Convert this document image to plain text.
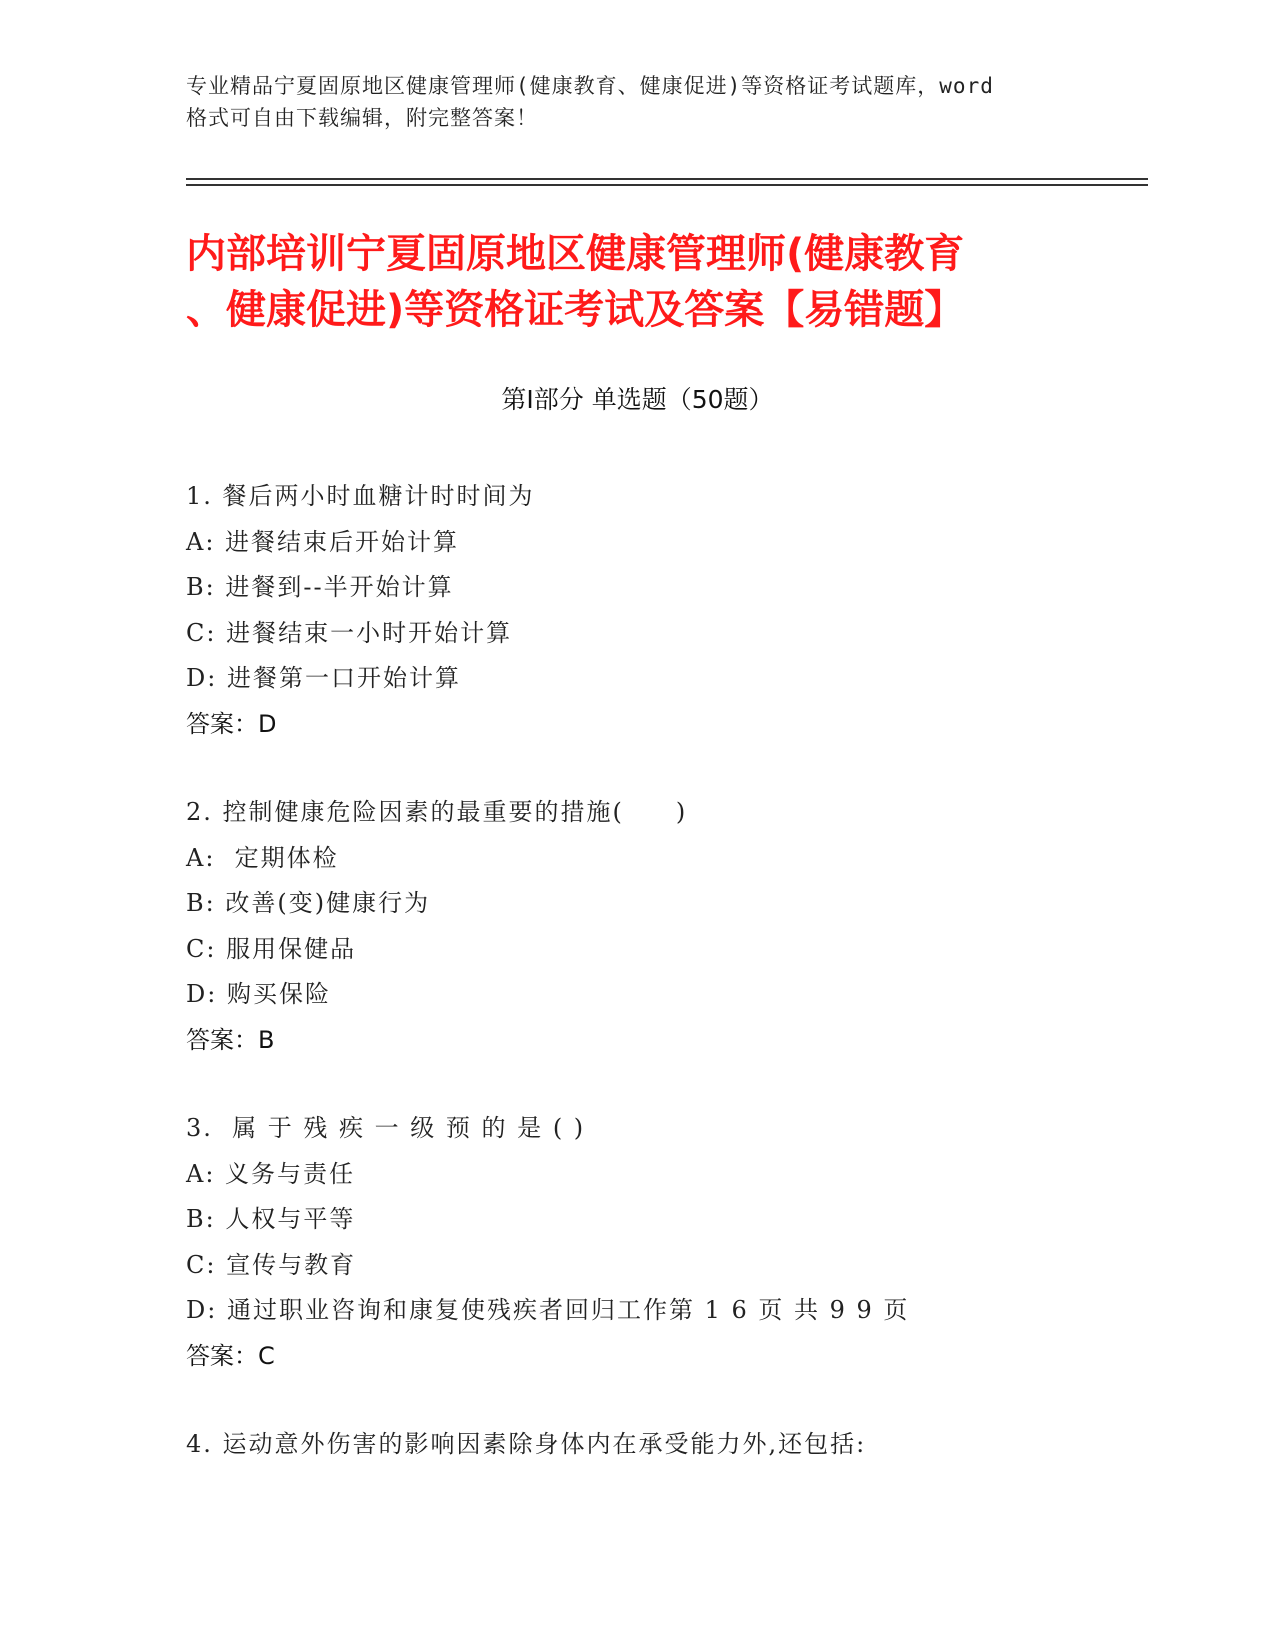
专业精品宁夏固原地区健康管理师(健康教育、健康促进)等资格证考试题库，word
格式可自由下载编辑，附完整答案！
内部培训宁夏固原地区健康管理师(健康教育
、健康促进)等资格证考试及答案【易错题】
第Ⅰ部分 单选题（50题）
1. 餐后两小时血糖计时时间为
A: 进餐结束后开始计算
B: 进餐到--半开始计算
C: 进餐结束一小时开始计算
D: 进餐第一口开始计算
答案：D
2. 控制健康危险因素的最重要的措施(　　)
A:  定期体检
B: 改善(变)健康行为
C: 服用保健品
D: 购买保险
答案：B
3.  属 于 残 疾 一 级 预 的 是 ( )
A: 义务与责任
B: 人权与平等
C: 宣传与教育
D: 通过职业咨询和康复使残疾者回归工作第 1 6 页 共 9 9 页
答案：C
4. 运动意外伤害的影响因素除身体内在承受能力外,还包括:
